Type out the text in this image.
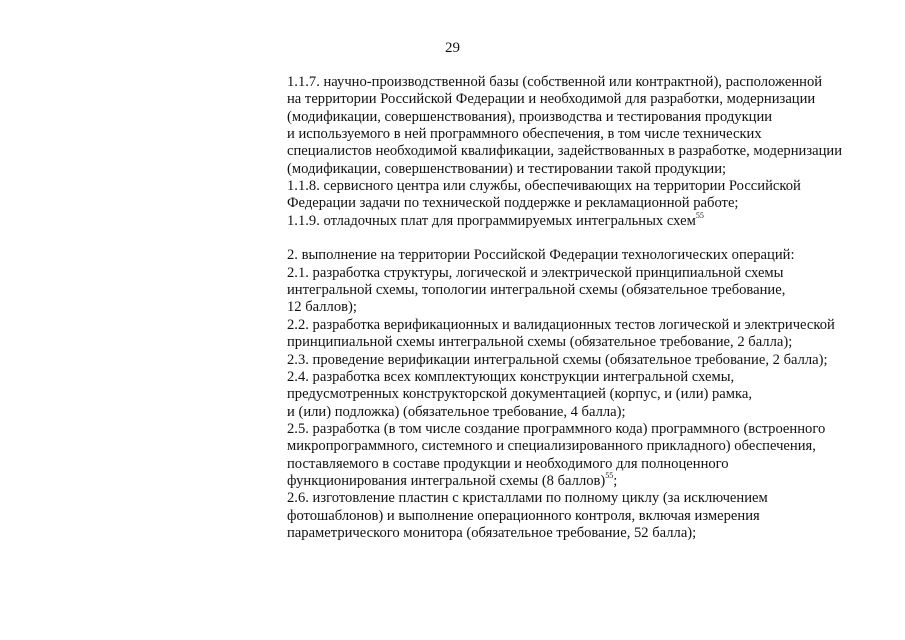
29
1.1.7. научно-производственной базы (собственной или контрактной), расположенной
на территории Российской Федерации и необходимой для разработки, модернизации
(модификации, совершенствования), производства и тестирования продукции
и используемого в ней программного обеспечения, в том числе технических
специалистов необходимой квалификации, задействованных в разработке, модернизации
(модификации, совершенствовании) и тестировании такой продукции;
1.1.8. сервисного центра или службы, обеспечивающих на территории Российской
Федерации задачи по технической поддержке и рекламационной работе;
1.1.9. отладочных плат для программируемых интегральных схем$^{55}$
2. выполнение на территории Российской Федерации технологических операций:
2.1. разработка структуры, логической и электрической принципиальной схемы
интегральной схемы, топологии интегральной схемы (обязательное требование,
12 баллов);
2.2. разработка верификационных и валидационных тестов логической и электрической
принципиальной схемы интегральной схемы (обязательное требование, 2 балла);
2.3. проведение верификации интегральной схемы (обязательное требование, 2 балла);
2.4. разработка всех комплектующих конструкции интегральной схемы,
предусмотренных конструкторской документацией (корпус, и (или) рамка,
и (или) подложка) (обязательное требование, 4 балла);
2.5. разработка (в том числе создание программного кода) программного (встроенного
микропрограммного, системного и специализированного прикладного) обеспечения,
поставляемого в составе продукции и необходимого для полноценного
функционирования интегральной схемы (8 баллов)$^{55}$;
2.6. изготовление пластин с кристаллами по полному циклу (за исключением
фотошаблонов) и выполнение операционного контроля, включая измерения
параметрического монитора (обязательное требование, 52 балла);
